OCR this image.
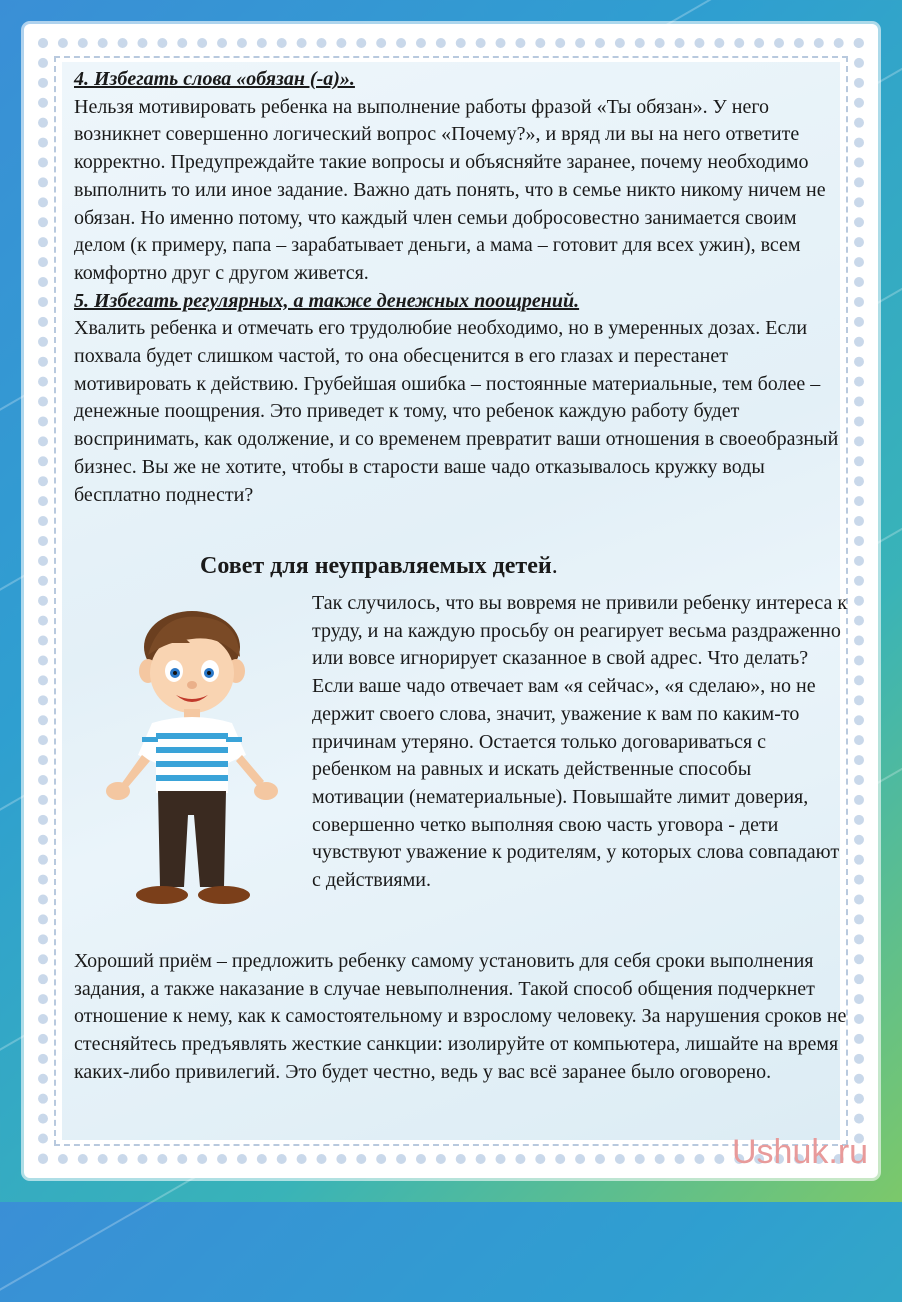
4. Избегать слова «обязан (-а)».

Нельзя мотивировать ребенка на выполнение работы фразой «Ты обязан». У него возникнет совершенно логический вопрос «Почему?», и вряд ли вы на него ответите корректно. Предупреждайте такие вопросы и объясняйте заранее, почему необходимо выполнить то или иное задание. Важно дать понять, что в семье никто никому ничем не обязан. Но именно потому, что каждый член семьи добросовестно занимается своим делом (к примеру, папа – зарабатывает деньги, а мама – готовит для всех ужин), всем комфортно друг с другом живется.

5. Избегать регулярных, а также денежных поощрений.

Хвалить ребенка и отмечать его трудолюбие необходимо, но в умеренных дозах. Если похвала будет слишком частой, то она обесценится в его глазах и перестанет мотивировать к действию. Грубейшая ошибка – постоянные материальные, тем более – денежные поощрения. Это приведет к тому, что ребенок каждую работу будет воспринимать, как одолжение, и со временем превратит ваши отношения в своеобразный бизнес. Вы же не хотите, чтобы в старости ваше чадо отказывалось кружку воды бесплатно поднести?

Совет для неуправляемых детей.

Так случилось, что вы вовремя не привили ребенку интереса к труду, и на каждую просьбу он реагирует весьма раздраженно или вовсе игнорирует сказанное в свой адрес. Что делать?

Если ваше чадо отвечает вам «я сейчас», «я сделаю», но не держит своего слова, значит, уважение к вам по каким-то причинам утеряно. Остается только договариваться с ребенком на равных и искать действенные способы мотивации (нематериальные). Повышайте лимит доверия, совершенно четко выполняя свою часть уговора - дети чувствуют уважение к родителям, у которых слова совпадают с действиями.

Хороший приём – предложить ребенку самому установить для себя сроки выполнения задания, а также наказание в случае невыполнения. Такой способ общения подчеркнет отношение к нему, как к самостоятельному и взрослому человеку. За нарушения сроков не стесняйтесь предъявлять жесткие санкции: изолируйте от компьютера, лишайте на время каких-либо привилегий. Это будет честно, ведь у вас всё заранее было оговорено.

Ushuk.ru
